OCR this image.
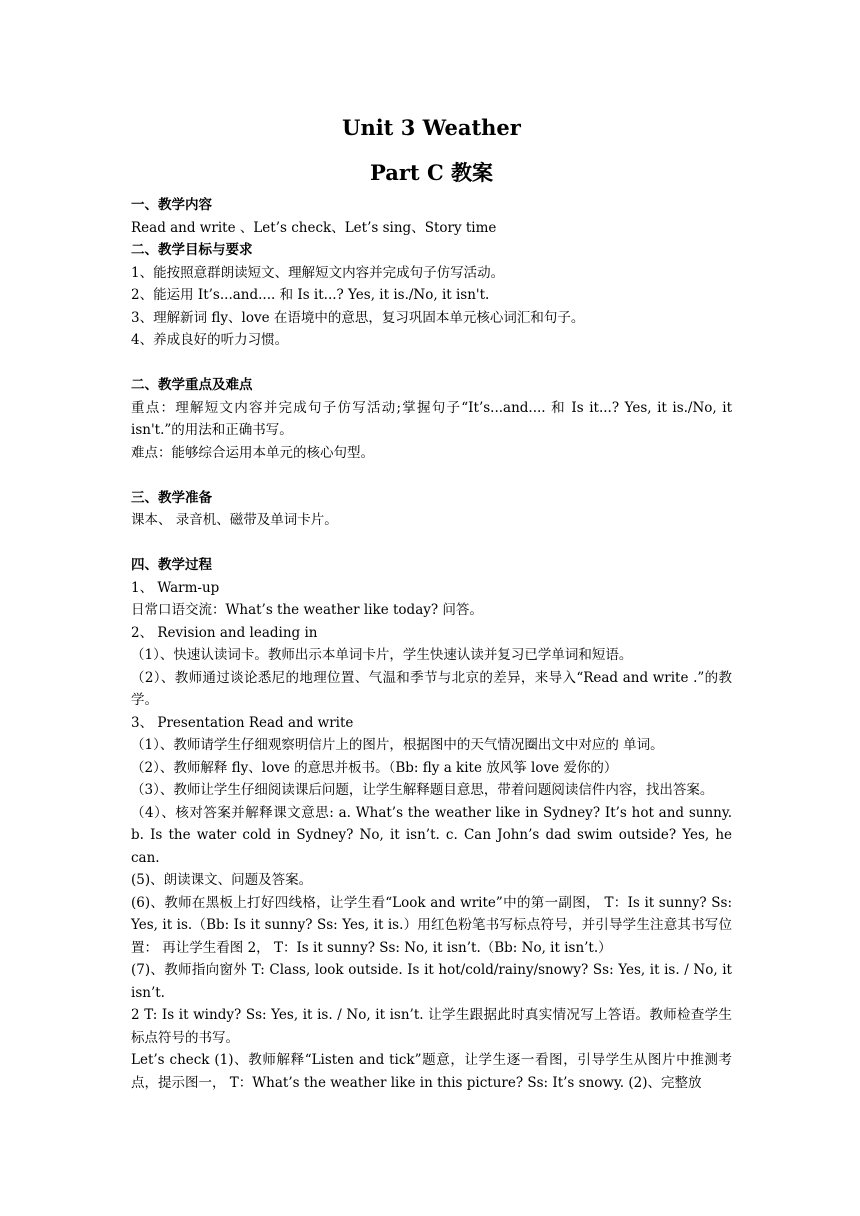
Unit 3 Weather
Part C 教案
一、教学内容
Read and write 、Let’s check、Let’s sing、Story time
二、教学目标与要求
1、能按照意群朗读短文、理解短文内容并完成句子仿写活动。
2、能运用 It’s...and.... 和 Is it...? Yes, it is./No, it isn't.
3、理解新词 fly、love 在语境中的意思，复习巩固本单元核心词汇和句子。
4、养成良好的听力习惯。
二、教学重点及难点
重点：理解短文内容并完成句子仿写活动;掌握句子“It’s...and.... 和 Is it...? Yes, it is./No, it isn't.”的用法和正确书写。
难点：能够综合运用本单元的核心句型。
三、教学准备
课本、 录音机、磁带及单词卡片。
四、教学过程
1、 Warm-up
日常口语交流：What’s the weather like today? 问答。
2、 Revision and leading in
（1）、快速认读词卡。教师出示本单词卡片，学生快速认读并复习已学单词和短语。
（2）、教师通过谈论悉尼的地理位置、气温和季节与北京的差异，来导入“Read and write .”的教学。
3、 Presentation Read and write
（1）、教师请学生仔细观察明信片上的图片，根据图中的天气情况圈出文中对应的 单词。
（2）、教师解释 fly、love 的意思并板书。（Bb: fly a kite 放风筝 love 爱你的）
（3）、教师让学生仔细阅读课后问题，让学生解释题目意思，带着问题阅读信件内容，找出答案。
（4）、核对答案并解释课文意思: a. What’s the weather like in Sydney? It’s hot and sunny. b. Is the water cold in Sydney? No, it isn’t. c. Can John’s dad swim outside? Yes, he can.
(5)、朗读课文、问题及答案。
(6)、教师在黑板上打好四线格，让学生看“Look and write”中的第一副图， T：Is it sunny? Ss: Yes, it is.（Bb: Is it sunny? Ss: Yes, it is.）用红色粉笔书写标点符号，并引导学生注意其书写位置： 再让学生看图 2， T：Is it sunny? Ss: No, it isn’t.（Bb: No, it isn’t.）
(7)、教师指向窗外 T: Class, look outside. Is it hot/cold/rainy/snowy? Ss: Yes, it is. / No, it isn’t.
2 T: Is it windy? Ss: Yes, it is. / No, it isn’t. 让学生跟据此时真实情况写上答语。教师检查学生标点符号的书写。
Let’s check (1)、教师解释“Listen and tick”题意，让学生逐一看图，引导学生从图片中推测考 点，提示图一， T：What’s the weather like in this picture? Ss: It’s snowy. (2)、完整放
